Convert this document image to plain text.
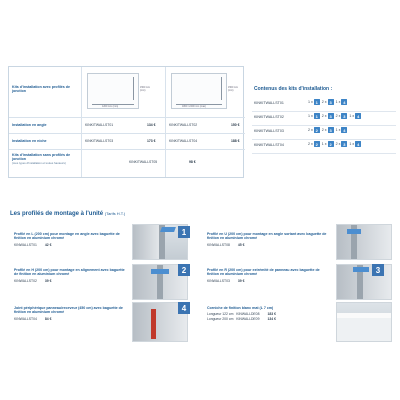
Kits d'installation avec profilés de jonction
1200 mm (min)
1500 mm (min)
1800 / 2400 mm (max)
1500 mm (min)
Installation en angle	KINKITWALLST01	134 €	KINKITWALLST02	150 €
Installation en niche	KINKITWALLST03	173 €	KINKITWALLST04	188 €
Kits d'installation sans profilés de jonction
(tous types d'installation et toutes hauteurs)	KINKITWALLST05	98 €
Contenus des kits d'installation :
KINKITWALLST01	1 x 1	2 x 3	1 x 4
KINKITWALLST02	1 x 1	2 x 3	2 x 3	1 x 4
KINKITWALLST03	2 x 2	2 x 3	1 x 4
KINKITWALLST04	2 x 2	1 x 2	2 x 3	1 x 4
Les profilés de montage à l'unité (Tarifs H.T.)
1
2	3
4
Profilé en L (200 cm) pour montage en angle avec baguette de finition en aluminium chromé
KINWALLST01 42 €
Profilé en U (200 cm) pour montage en angle sortant avec baguette de finition en aluminium chromé
KINWALLST08 45 €
Profilé en H (200 cm) pour montage en alignement avec baguette de finition en aluminium chromé
KINWALLST02 39 €
Profilé en R (200 cm) pour extrémité de panneau avec baguette de finition en aluminium chromé
KINWALLST03 39 €
Joint périphérique panneau/receveur (450 cm) avec baguette de finition en aluminium chromé
KINWALLST04 84 €
Corniche de finition blanc mat (L 7 cm)
Longueur 122 cm   KINWALLDE08 183 €
Longueur 200 cm   KINWALLDE09 134 €
